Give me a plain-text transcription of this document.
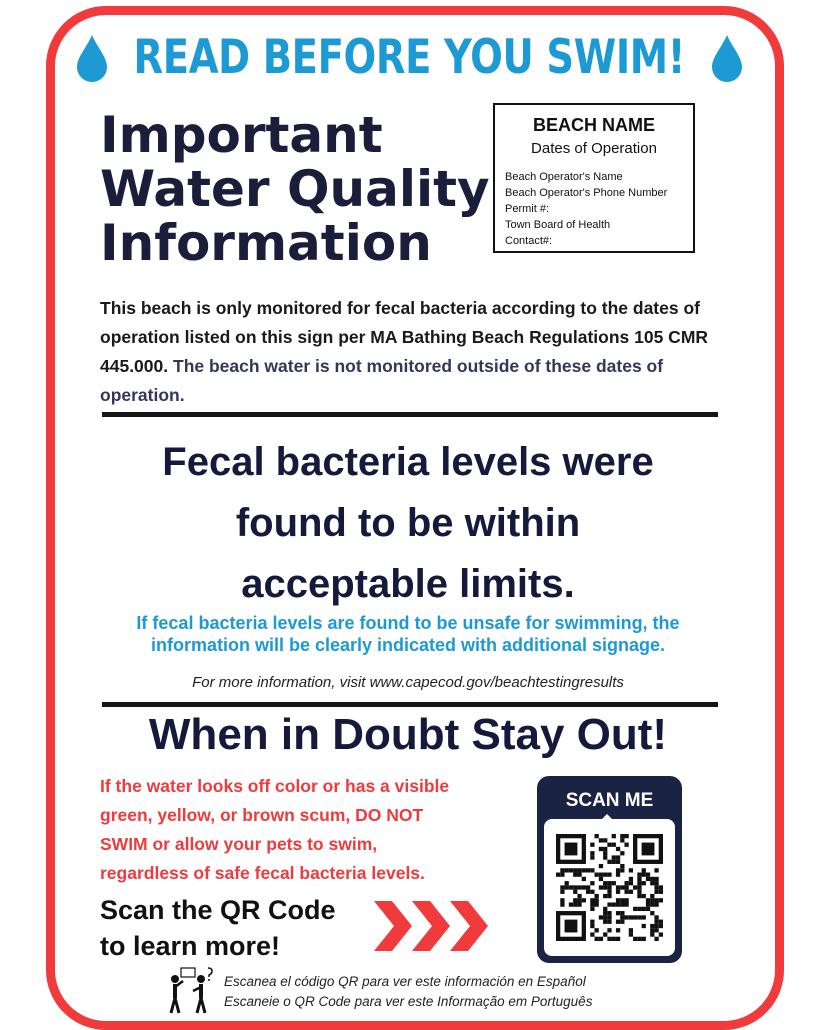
READ BEFORE YOU SWIM!
Important
Water Quality
Information
BEACH NAME
Dates of Operation
Beach Operator's Name
Beach Operator's Phone Number
Permit #:
Town Board of Health
Contact#:
This beach is only monitored for fecal bacteria according to the dates of operation listed on this sign per MA Bathing Beach Regulations 105 CMR 445.000. The beach water is not monitored outside of these dates of operation.
Fecal bacteria levels were
found to be within
acceptable limits.
If fecal bacteria levels are found to be unsafe for swimming, the
information will be clearly indicated with additional signage.
For more information, visit www.capecod.gov/beachtestingresults
When in Doubt Stay Out!
If the water looks off color or has a visible
green, yellow, or brown scum, DO NOT
SWIM or allow your pets to swim,
regardless of safe fecal bacteria levels.
Scan the QR Code
to learn more!
SCAN ME
Escanea el código QR para ver este información en Español
Escaneie o QR Code para ver este Informação em Português
